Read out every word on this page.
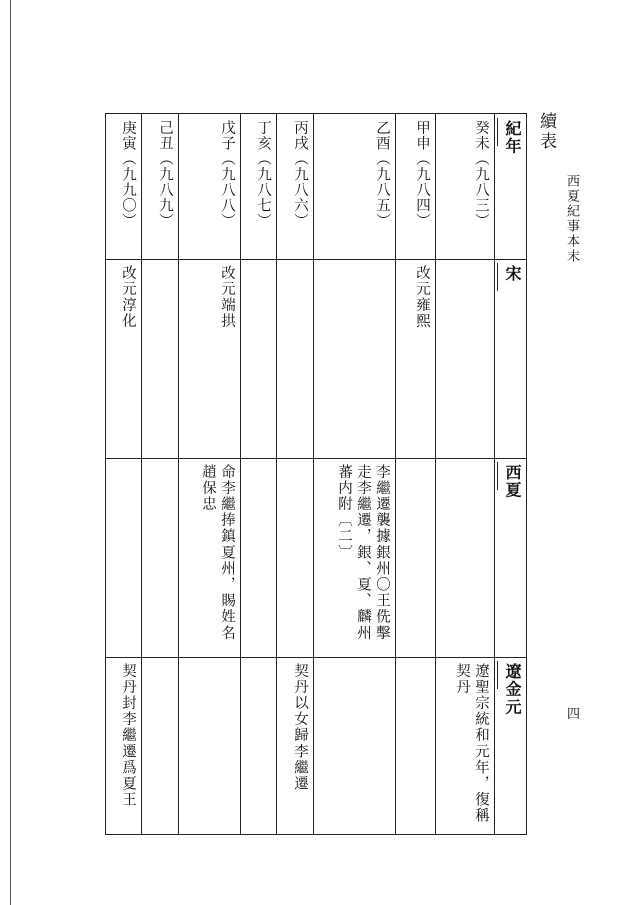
西夏紀事本末
四
續表
紀年
宋
西夏
遼金元
癸未（九八三）
遼聖宗統和元年，復稱契丹
甲申（九八四）
改元雍熙
乙酉（九八五）
李繼遷襲據銀州〇王侁擊走李繼遷，銀、夏、麟州蕃内附〔二〕
丙戌（九八六）
契丹以女歸李繼遷
丁亥（九八七）
戊子（九八八）
改元端拱
命李繼捧鎮夏州，賜姓名趙保忠
己丑（九八九）
庚寅（九九〇）
改元淳化
契丹封李繼遷爲夏王
